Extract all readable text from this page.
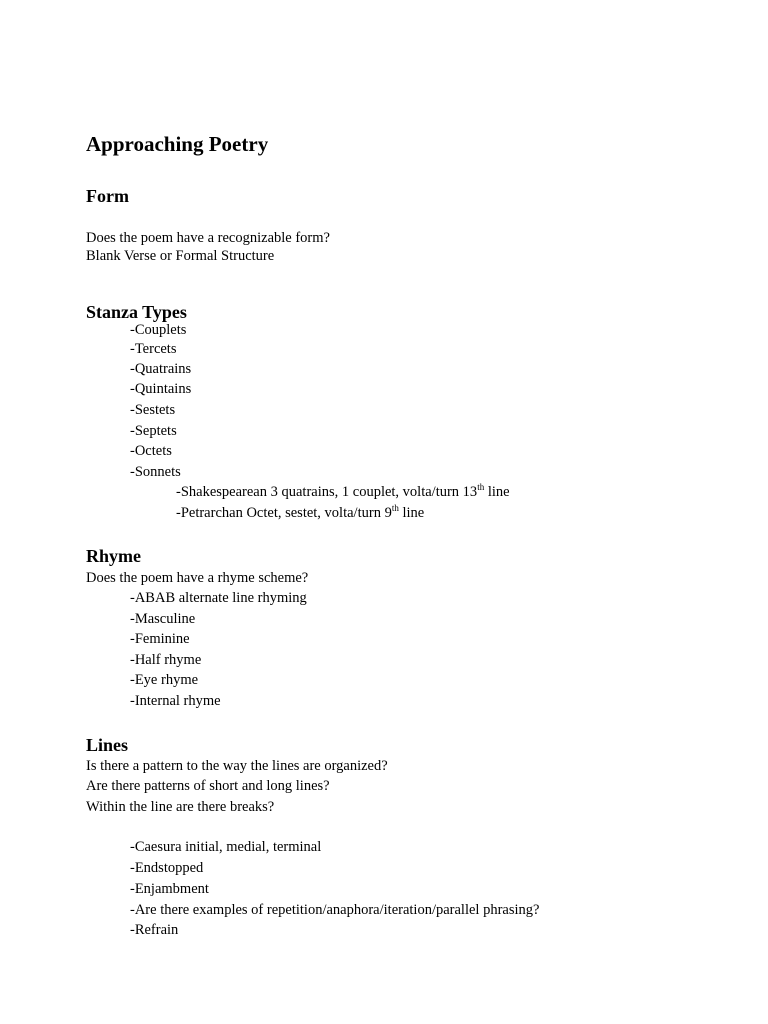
Approaching Poetry
Form
Does the poem have a recognizable form?
Blank Verse or Formal Structure
Stanza Types
-Couplets
-Tercets
-Quatrains
-Quintains
-Sestets
-Septets
-Octets
-Sonnets
-Shakespearean 3 quatrains, 1 couplet, volta/turn 13th line
-Petrarchan Octet, sestet, volta/turn 9th line
Rhyme
Does the poem have a rhyme scheme?
-ABAB alternate line rhyming
-Masculine
-Feminine
-Half rhyme
-Eye rhyme
-Internal rhyme
Lines
Is there a pattern to the way the lines are organized?
Are there patterns of short and long lines?
Within the line are there breaks?
-Caesura initial, medial, terminal
-Endstopped
-Enjambment
-Are there examples of repetition/anaphora/iteration/parallel phrasing?
-Refrain
